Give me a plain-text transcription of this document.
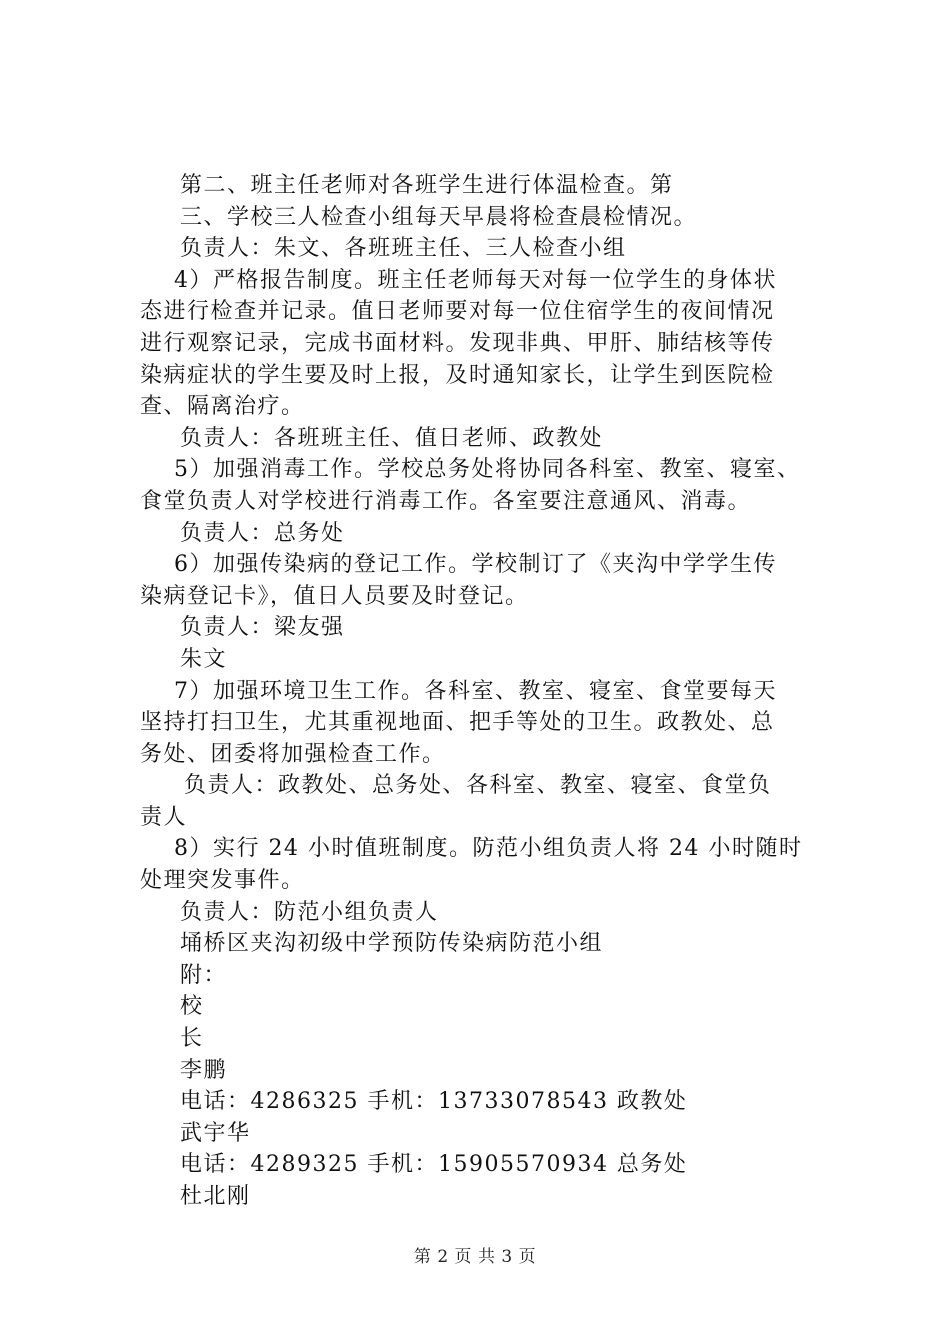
第二、班主任老师对各班学生进行体温检查。第
三、学校三人检查小组每天早晨将检查晨检情况。
负责人：朱文、各班班主任、三人检查小组
4）严格报告制度。班主任老师每天对每一位学生的身体状
态进行检查并记录。值日老师要对每一位住宿学生的夜间情况
进行观察记录，完成书面材料。发现非典、甲肝、肺结核等传
染病症状的学生要及时上报，及时通知家长，让学生到医院检
查、隔离治疗。
负责人：各班班主任、值日老师、政教处
5）加强消毒工作。学校总务处将协同各科室、教室、寝室、
食堂负责人对学校进行消毒工作。各室要注意通风、消毒。
负责人：总务处
6）加强传染病的登记工作。学校制订了《夹沟中学学生传
染病登记卡》，值日人员要及时登记。
负责人：梁友强
朱文
7）加强环境卫生工作。各科室、教室、寝室、食堂要每天
坚持打扫卫生，尤其重视地面、把手等处的卫生。政教处、总
务处、团委将加强检查工作。
负责人：政教处、总务处、各科室、教室、寝室、食堂负
责人
8）实行 24 小时值班制度。防范小组负责人将 24 小时随时
处理突发事件。
负责人：防范小组负责人
埇桥区夹沟初级中学预防传染病防范小组
附：
校
长
李鹏
电话：4286325 手机：13733078543 政教处
武宇华
电话：4289325 手机：15905570934 总务处
杜北刚
第 2 页 共 3 页
